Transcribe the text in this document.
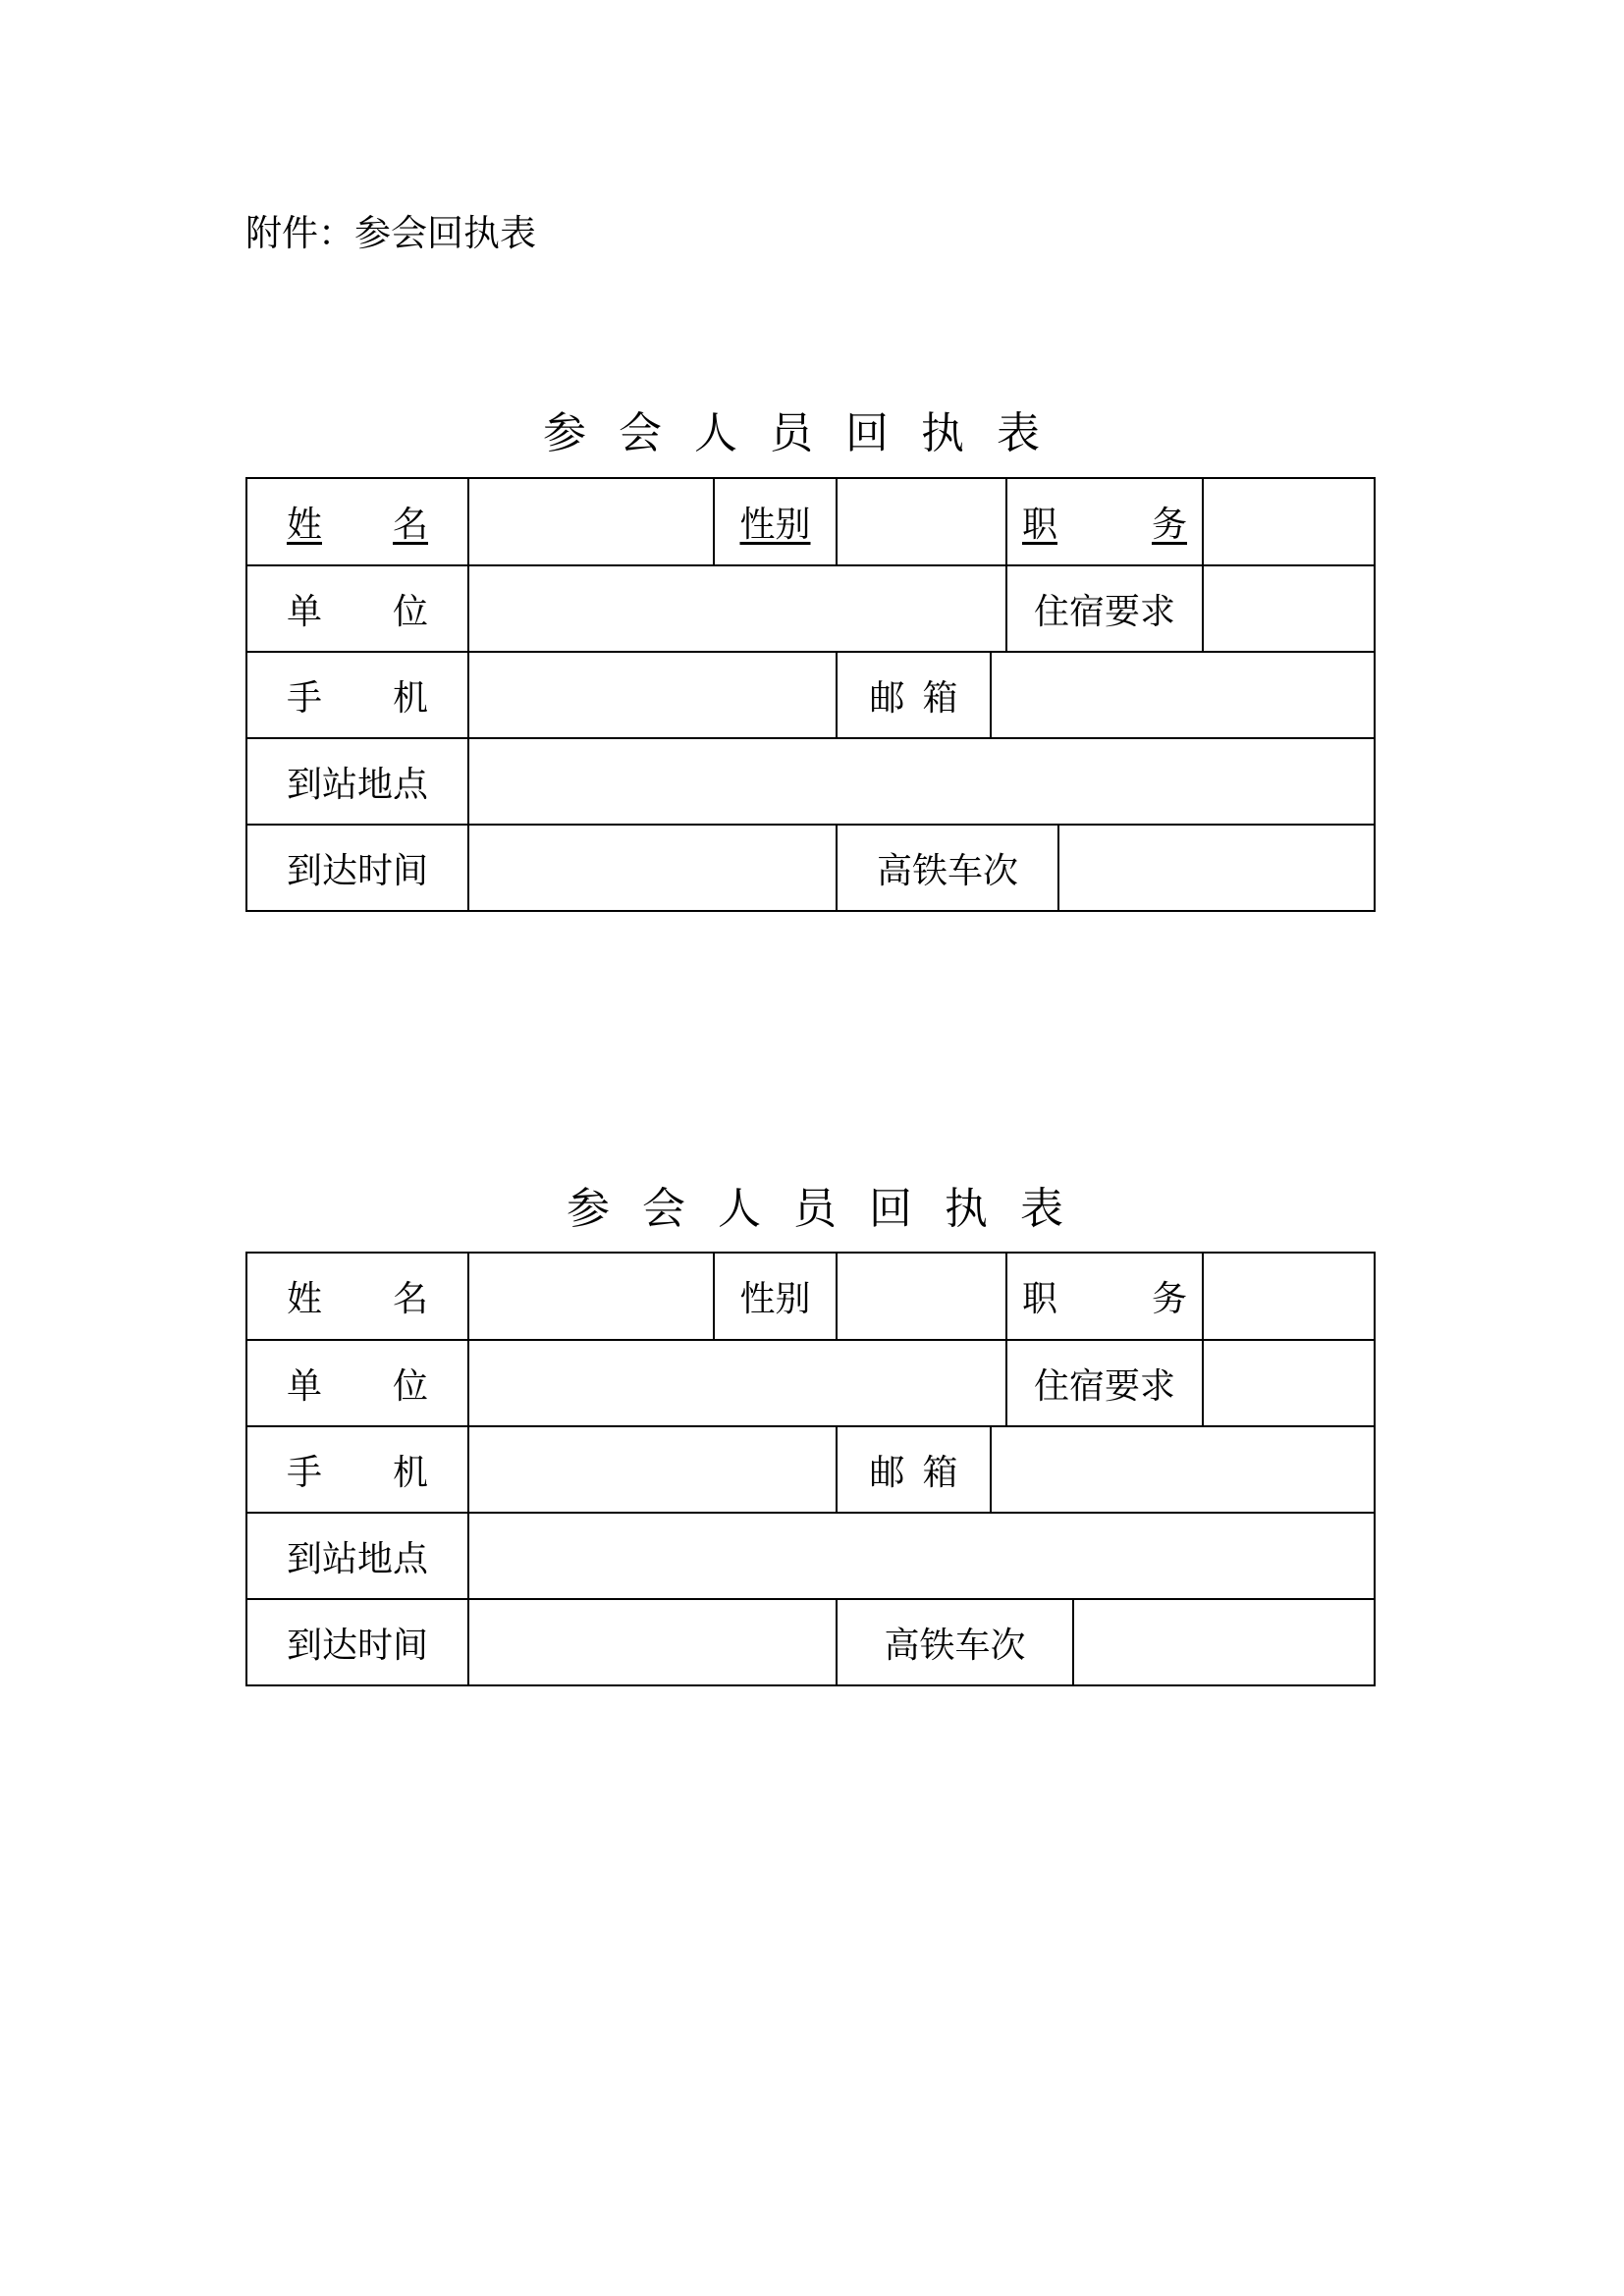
附件：参会回执表
参 会 人 员 回 执 表
姓 名	性别	职	务
单 位	住宿要求
手 机	邮 箱
到站地点
到达时间	高铁车次
参 会 人 员 回 执 表
姓 名	性别	职	务
单 位	住宿要求
手 机	邮 箱
到站地点
到达时间	高铁车次
